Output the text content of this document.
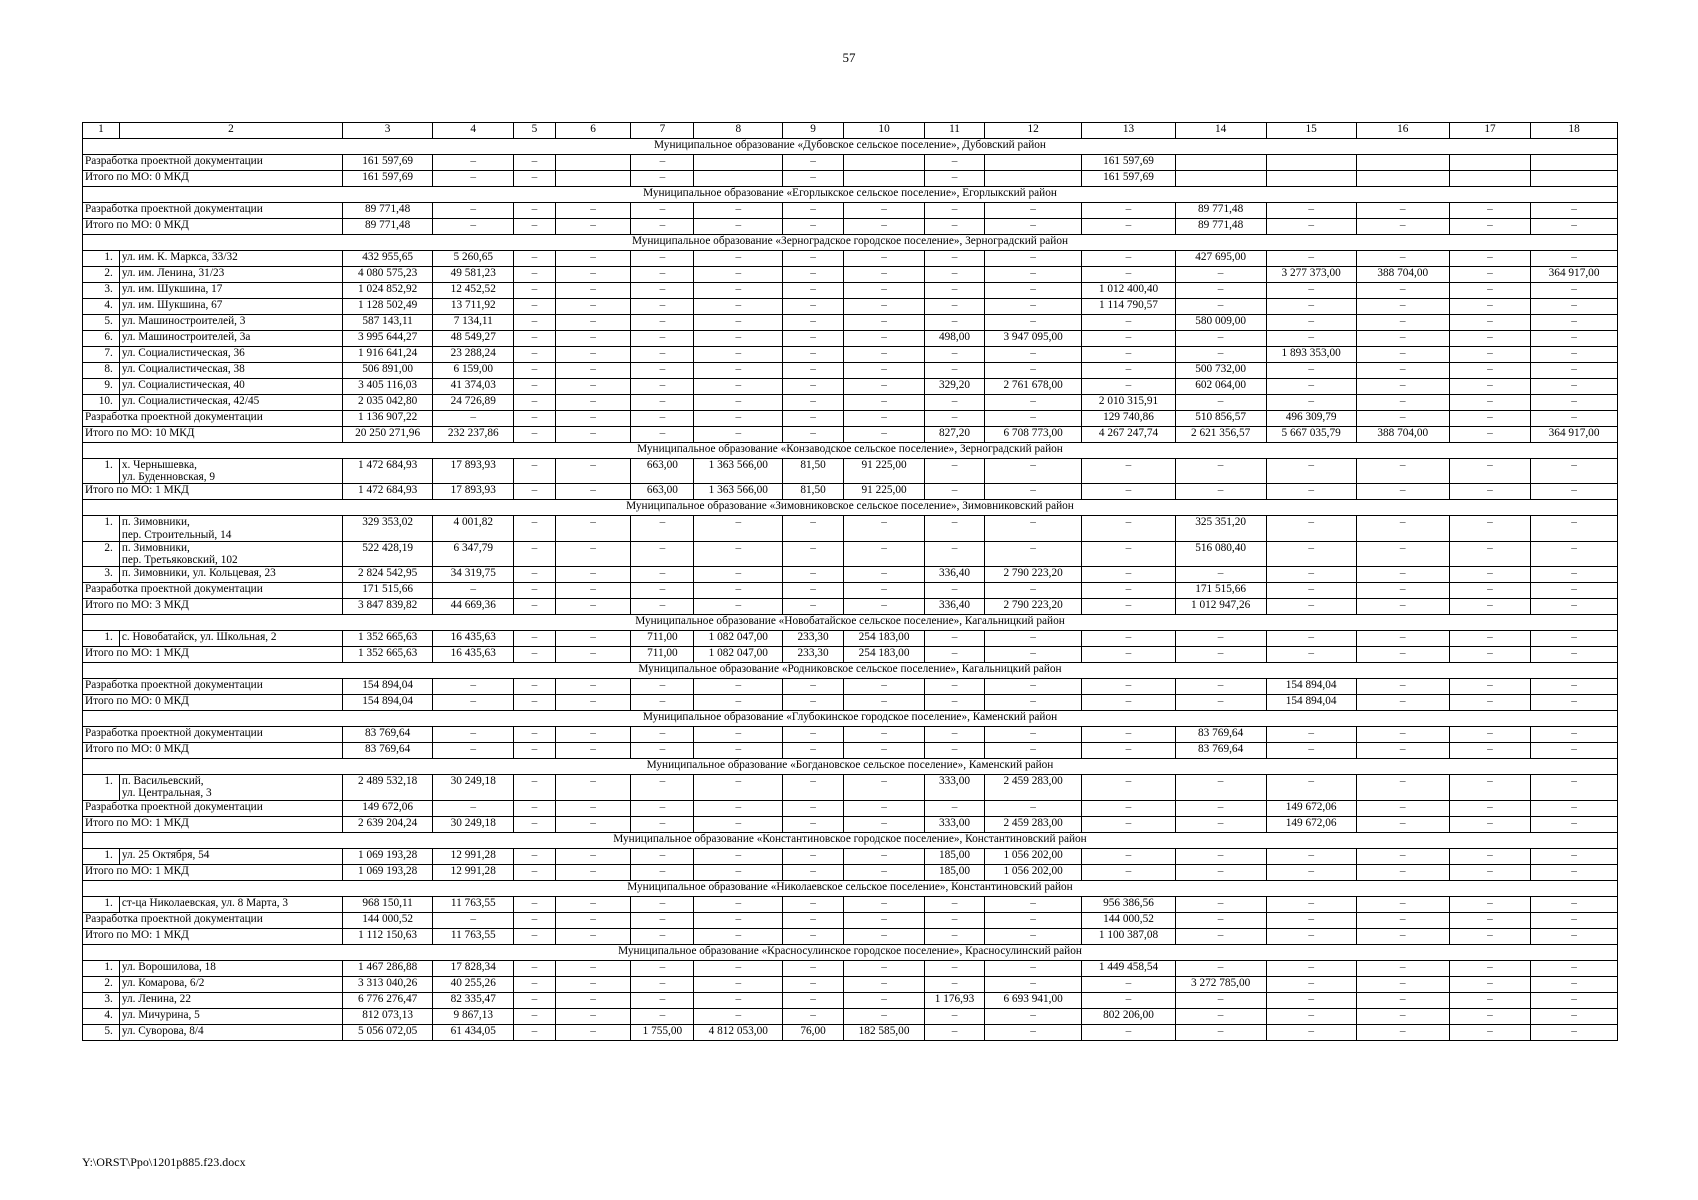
57
1	2	3	4	5	6	7	8	9	10	11	12	13	14	15	16	17	18
Муниципальное образование «Дубовское сельское поселение», Дубовский район																	
Разработка проектной документации		161 597,69	–	–		–		–		–		161 597,69					
Итого по МО: 0 МКД		161 597,69	–	–		–		–		–		161 597,69					
Муниципальное образование «Егорлыкское сельское поселение», Егорлыкский район																	
Разработка проектной документации		89 771,48	–	–	–	–	–	–	–	–	–	–	89 771,48	–	–	–	–
Итого по МО: 0 МКД		89 771,48	–	–	–	–	–	–	–	–	–	–	89 771,48	–	–	–	–
Муниципальное образование «Зерноградское городское поселение», Зерноградский район																	
1.	ул. им. К. Маркса, 33/32	432 955,65	5 260,65	–	–	–	–	–	–	–	–	–	427 695,00	–	–	–	–
2.	ул. им. Ленина, 31/23	4 080 575,23	49 581,23	–	–	–	–	–	–	–	–	–	–	3 277 373,00	388 704,00	–	364 917,00
3.	ул. им. Шукшина, 17	1 024 852,92	12 452,52	–	–	–	–	–	–	–	–	1 012 400,40	–	–	–	–	–
4.	ул. им. Шукшина, 67	1 128 502,49	13 711,92	–	–	–	–	–	–	–	–	1 114 790,57	–	–	–	–	–
5.	ул. Машиностроителей, 3	587 143,11	7 134,11	–	–	–	–	–	–	–	–	–	580 009,00	–	–	–	–
6.	ул. Машиностроителей, 3а	3 995 644,27	48 549,27	–	–	–	–	–	–	498,00	3 947 095,00	–	–	–	–	–	–
7.	ул. Социалистическая, 36	1 916 641,24	23 288,24	–	–	–	–	–	–	–	–	–	–	1 893 353,00	–	–	–
8.	ул. Социалистическая, 38	506 891,00	6 159,00	–	–	–	–	–	–	–	–	–	500 732,00	–	–	–	–
9.	ул. Социалистическая, 40	3 405 116,03	41 374,03	–	–	–	–	–	–	329,20	2 761 678,00	–	602 064,00	–	–	–	–
10.	ул. Социалистическая, 42/45	2 035 042,80	24 726,89	–	–	–	–	–	–	–	–	2 010 315,91	–	–	–	–	–
Разработка проектной документации		1 136 907,22	–	–	–	–	–	–	–	–	–	129 740,86	510 856,57	496 309,79	–	–	–
Итого по МО: 10 МКД		20 250 271,96	232 237,86	–	–	–	–	–	–	827,20	6 708 773,00	4 267 247,74	2 621 356,57	5 667 035,79	388 704,00	–	364 917,00
Муниципальное образование «Конзаводское сельское поселение», Зерноградский район																	
1.	х. Чернышевка,
ул. Буденновская, 9	1 472 684,93	17 893,93	–	–	663,00	1 363 566,00	81,50	91 225,00	–	–	–	–	–	–	–	–
Итого по МО: 1 МКД		1 472 684,93	17 893,93	–	–	663,00	1 363 566,00	81,50	91 225,00	–	–	–	–	–	–	–	–
Муниципальное образование «Зимовниковское сельское поселение», Зимовниковский район																	
1.	п. Зимовники,
пер. Строительный, 14	329 353,02	4 001,82	–	–	–	–	–	–	–	–	–	325 351,20	–	–	–	–
2.	п. Зимовники,
пер. Третьяковский, 102	522 428,19	6 347,79	–	–	–	–	–	–	–	–	–	516 080,40	–	–	–	–
3.	п. Зимовники, ул. Кольцевая, 23	2 824 542,95	34 319,75	–	–	–	–	–	–	336,40	2 790 223,20	–	–	–	–	–	–
Разработка проектной документации		171 515,66	–	–	–	–	–	–	–	–	–	–	171 515,66	–	–	–	–
Итого по МО: 3 МКД		3 847 839,82	44 669,36	–	–	–	–	–	–	336,40	2 790 223,20	–	1 012 947,26	–	–	–	–
Муниципальное образование «Новобатайское сельское поселение», Кагальницкий район																	
1.	с. Новобатайск, ул. Школьная, 2	1 352 665,63	16 435,63	–	–	711,00	1 082 047,00	233,30	254 183,00	–	–	–	–	–	–	–	–
Итого по МО: 1 МКД		1 352 665,63	16 435,63	–	–	711,00	1 082 047,00	233,30	254 183,00	–	–	–	–	–	–	–	–
Муниципальное образование «Родниковское сельское поселение», Кагальницкий район																	
Разработка проектной документации		154 894,04	–	–	–	–	–	–	–	–	–	–	–	154 894,04	–	–	–
Итого по МО: 0 МКД		154 894,04	–	–	–	–	–	–	–	–	–	–	–	154 894,04	–	–	–
Муниципальное образование «Глубокинское городское поселение», Каменский район																	
Разработка проектной документации		83 769,64	–	–	–	–	–	–	–	–	–	–	83 769,64	–	–	–	–
Итого по МО: 0 МКД		83 769,64	–	–	–	–	–	–	–	–	–	–	83 769,64	–	–	–	–
Муниципальное образование «Богдановское сельское поселение», Каменский район																	
1.	п. Васильевский,
ул. Центральная, 3	2 489 532,18	30 249,18	–	–	–	–	–	–	333,00	2 459 283,00	–	–	–	–	–	–
Разработка проектной документации		149 672,06	–	–	–	–	–	–	–	–	–	–	–	149 672,06	–	–	–
Итого по МО: 1 МКД		2 639 204,24	30 249,18	–	–	–	–	–	–	333,00	2 459 283,00	–	–	149 672,06	–	–	–
Муниципальное образование «Константиновское городское поселение», Константиновский район																	
1.	ул. 25 Октября, 54	1 069 193,28	12 991,28	–	–	–	–	–	–	185,00	1 056 202,00	–	–	–	–	–	–
Итого по МО: 1 МКД		1 069 193,28	12 991,28	–	–	–	–	–	–	185,00	1 056 202,00	–	–	–	–	–	–
Муниципальное образование «Николаевское сельское поселение», Константиновский район																	
1.	ст-ца Николаевская, ул. 8 Марта, 3	968 150,11	11 763,55	–	–	–	–	–	–	–	–	956 386,56	–	–	–	–	–
Разработка проектной документации		144 000,52	–	–	–	–	–	–	–	–	–	144 000,52	–	–	–	–	–
Итого по МО: 1 МКД		1 112 150,63	11 763,55	–	–	–	–	–	–	–	–	1 100 387,08	–	–	–	–	–
Муниципальное образование «Красносулинское городское поселение», Красносулинский район																	
1.	ул. Ворошилова, 18	1 467 286,88	17 828,34	–	–	–	–	–	–	–	–	1 449 458,54	–	–	–	–	–
2.	ул. Комарова, 6/2	3 313 040,26	40 255,26	–	–	–	–	–	–	–	–	–	3 272 785,00	–	–	–	–
3.	ул. Ленина, 22	6 776 276,47	82 335,47	–	–	–	–	–	–	1 176,93	6 693 941,00	–	–	–	–	–	–
4.	ул. Мичурина, 5	812 073,13	9 867,13	–	–	–	–	–	–	–	–	802 206,00	–	–	–	–	–
5.	ул. Суворова, 8/4	5 056 072,05	61 434,05	–	–	1 755,00	4 812 053,00	76,00	182 585,00	–	–	–	–	–	–	–	–
Y:\ORST\Ppo\1201p885.f23.docx
